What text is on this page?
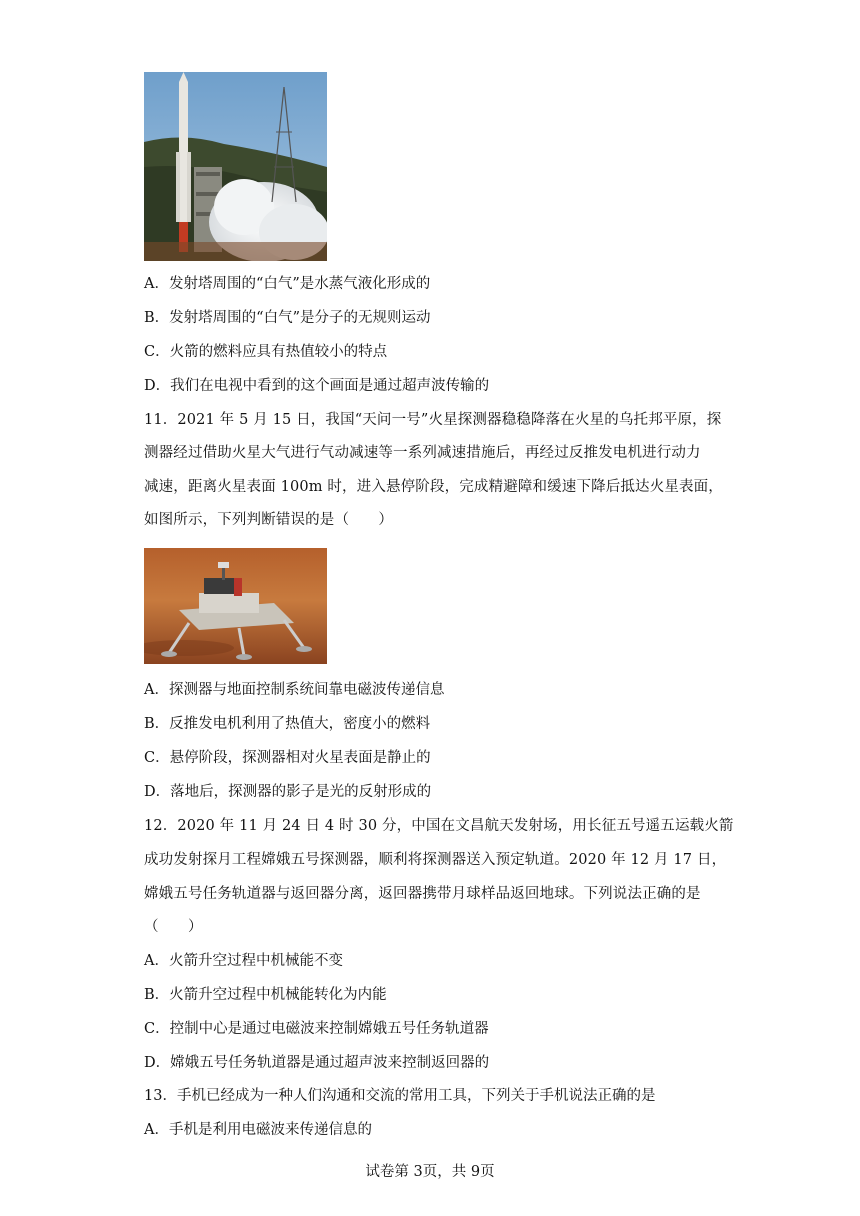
A．发射塔周围的“白气”是水蒸气液化形成的
B．发射塔周围的“白气”是分子的无规则运动
C．火箭的燃料应具有热值较小的特点
D．我们在电视中看到的这个画面是通过超声波传输的
11．2021 年 5 月 15 日，我国“天问一号”火星探测器稳稳降落在火星的乌托邦平原，探
测器经过借助火星大气进行气动减速等一系列减速措施后，再经过反推发电机进行动力
减速，距离火星表面 100m 时，进入悬停阶段，完成精避障和缓速下降后抵达火星表面，
如图所示，下列判断错误的是（　　）
A．探测器与地面控制系统间靠电磁波传递信息
B．反推发电机利用了热值大，密度小的燃料
C．悬停阶段，探测器相对火星表面是静止的
D．落地后，探测器的影子是光的反射形成的
12．2020 年 11 月 24 日 4 时 30 分，中国在文昌航天发射场，用长征五号遥五运载火箭
成功发射探月工程嫦娥五号探测器，顺利将探测器送入预定轨道。2020 年 12 月 17 日，
嫦娥五号任务轨道器与返回器分离，返回器携带月球样品返回地球。下列说法正确的是
（　　）
A．火箭升空过程中机械能不变
B．火箭升空过程中机械能转化为内能
C．控制中心是通过电磁波来控制嫦娥五号任务轨道器
D．嫦娥五号任务轨道器是通过超声波来控制返回器的
13．手机已经成为一种人们沟通和交流的常用工具，下列关于手机说法正确的是
A．手机是利用电磁波来传递信息的
试卷第 3页，共 9页
